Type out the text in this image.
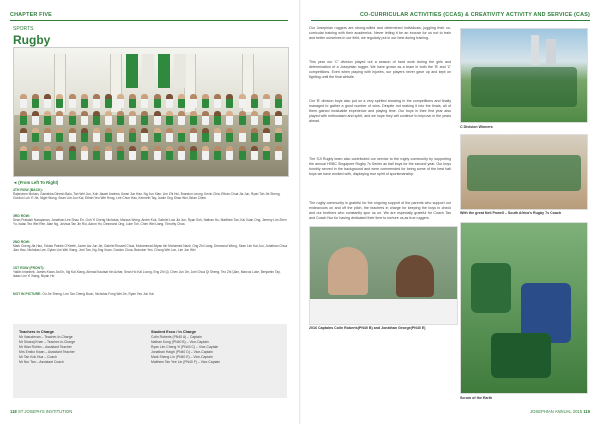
CHAPTER FIVE	CO-CURRICULAR ACTIVITIES (CCAS) & CREATIVITY ACTIVITY AND SERVICE (CAS)
SPORTS
Rugby
◄ (From Left To Right)
4TH ROW (BACK):
Rajendren Mohan, Ganishka Dinesh Balu, Tan Wei Jun, Koh Jiawei Andrew, Kwan Jun Hao, Ng Jun Xian, Lim Zhi Hui, Brandon Leong, Kevin Chia, Ethan Chua Jia Jun, Ryan Toh Jie Sheng, Gordon Loh Yi Jie, Nigel Wong, Sean Lim Jun Kai, Ethan Yeo Wei Hong, Lee Chun Hao, Kenneth Tay, Justin Ong Shao Wei, Brian Chew
3RD ROW:
Sean Prakash Narayanan, Jonathan Lee Shao En, Goh Yi Cheng Nicholas, Marcus Wong, Andre Kok, Gabriel Low Jia Jun, Ryan Soh, Nathan Ho, Matthew Tan, Kai Xuan Ong, Jeremy Lim Zhen Yu, Isaac Teo Wei Ren, Alan Ng, Joshua Tan Jin Rui, Aaron Ho, Desmond Ong, Luke Toh, Chen Wei Liang, Timothy Chua
2ND ROW:
Mark Cheng Jia Hao, Tobias Patrick O'Keefe, Javier Aw Jun Jie, Gabriel Russell Chua, Muhammad Aliyan bin Mohamed Nazir, Ong Zhi Liang, Desmond Wong, Sean Lim Kai Jun, Jonathan Chua Jian Hao, Nicholas Lee, Dylan Lim Wei Xiang, Joel Tan, Ng Jing Xuan, Gordon Chua, Brandon Yeo, Chong Wei Lun, Lim Jun Wei
1ST ROW (FRONT):
Yalkin Imanbek, James Kwan Jia En, Ng Kai Xiang, Ahmad Kautsar bin Azhar, Sean Ho Kai Loong, Eng Zhi Qi, Chen Jun Jie, Joel Chua Qi Sheng, Teo Zhi Qian, Marcus Loke, Benjamin Tay, Isaac Lim Yi Xiang, Bryan Ho
NOT IN PICTURE: Ou Jie Sheng, Leo Tan Cheng Boon, Nicholas Fong Wei Jie, Ryan Yeo Jun Kai
Teachers in Charge
Mr Vasudevan – Teacher-In-Charge
Mr Sinaraj Khan – Teacher-in-Charge
Mr Wan Rohim – Assistant Teacher
Mrs Emiko Kwan – Assistant Teacher
Mr Tan Kok Hua – Coach
Mr Nur Tan – Assistant Coach
Student Exco / in Charge
Colin Roberts (PN40 A) – Captain
Nathan Kong (PN40 B) – Vice-Captain
Ryan Lim Cheng Yi (PN40 C) – Vice-Captain
Jonathan Haigh (PN40 D) – Vice-Captain
Mark Sheng Lin (PN40 E) – Vice-Captain
Matthew Tan Yee Lin (PN40 F) – Vice-Captain
118 ST JOSEPH'S INSTITUTION
Our Josephian ruggers are strong-willed and determined individuals, juggling their co-curricular training with their academics. Never letting it be an excuse for us not to train and better ourselves in our field, we regularly put in our best during training.
This year our 'C' division played out a season of hard work during the girls and determination of a Josephian rugger. We have grown as a team in both the 'B' and 'C' competitions. Even when playing with injuries, our players never gave up and kept on fighting until the final whistle.
Our 'B' division boys also put on a very spirited showing in the competitions and finally managed to gather a good number of wins. Despite not making it into the finals, all of them gained invaluable experience and playing time. Our boys in their first year also played with enthusiasm and spirit, and we hope they will continue to improve in the years ahead.
The SJI Rugby team also contributed our service to the rugby community by supporting the annual HSBC Singapore Rugby 7s Series as ball boys for the second year. Our boys humbly served in the background and were commended for being some of the best ball boys we have worked with, displaying true spirit of sportsmanship.
The rugby community is grateful for the ongoing support of the parents who support our endeavours on and off the pitch, the teachers in charge for keeping the boys in check and our brothers who constantly spur us on. We are especially grateful for Coach Tan and Coach Nur for having dedicated their time to nurture us as true ruggers.
C Division Winners
With the great Neil Powell – South Africa's Rugby 7s Coach
2016 Captains Colin Roberts(PN40 B) and Jonathan George(PN40 E)
Scrum of the Earth
JOSEPHIAN ANNUAL 2015 119
